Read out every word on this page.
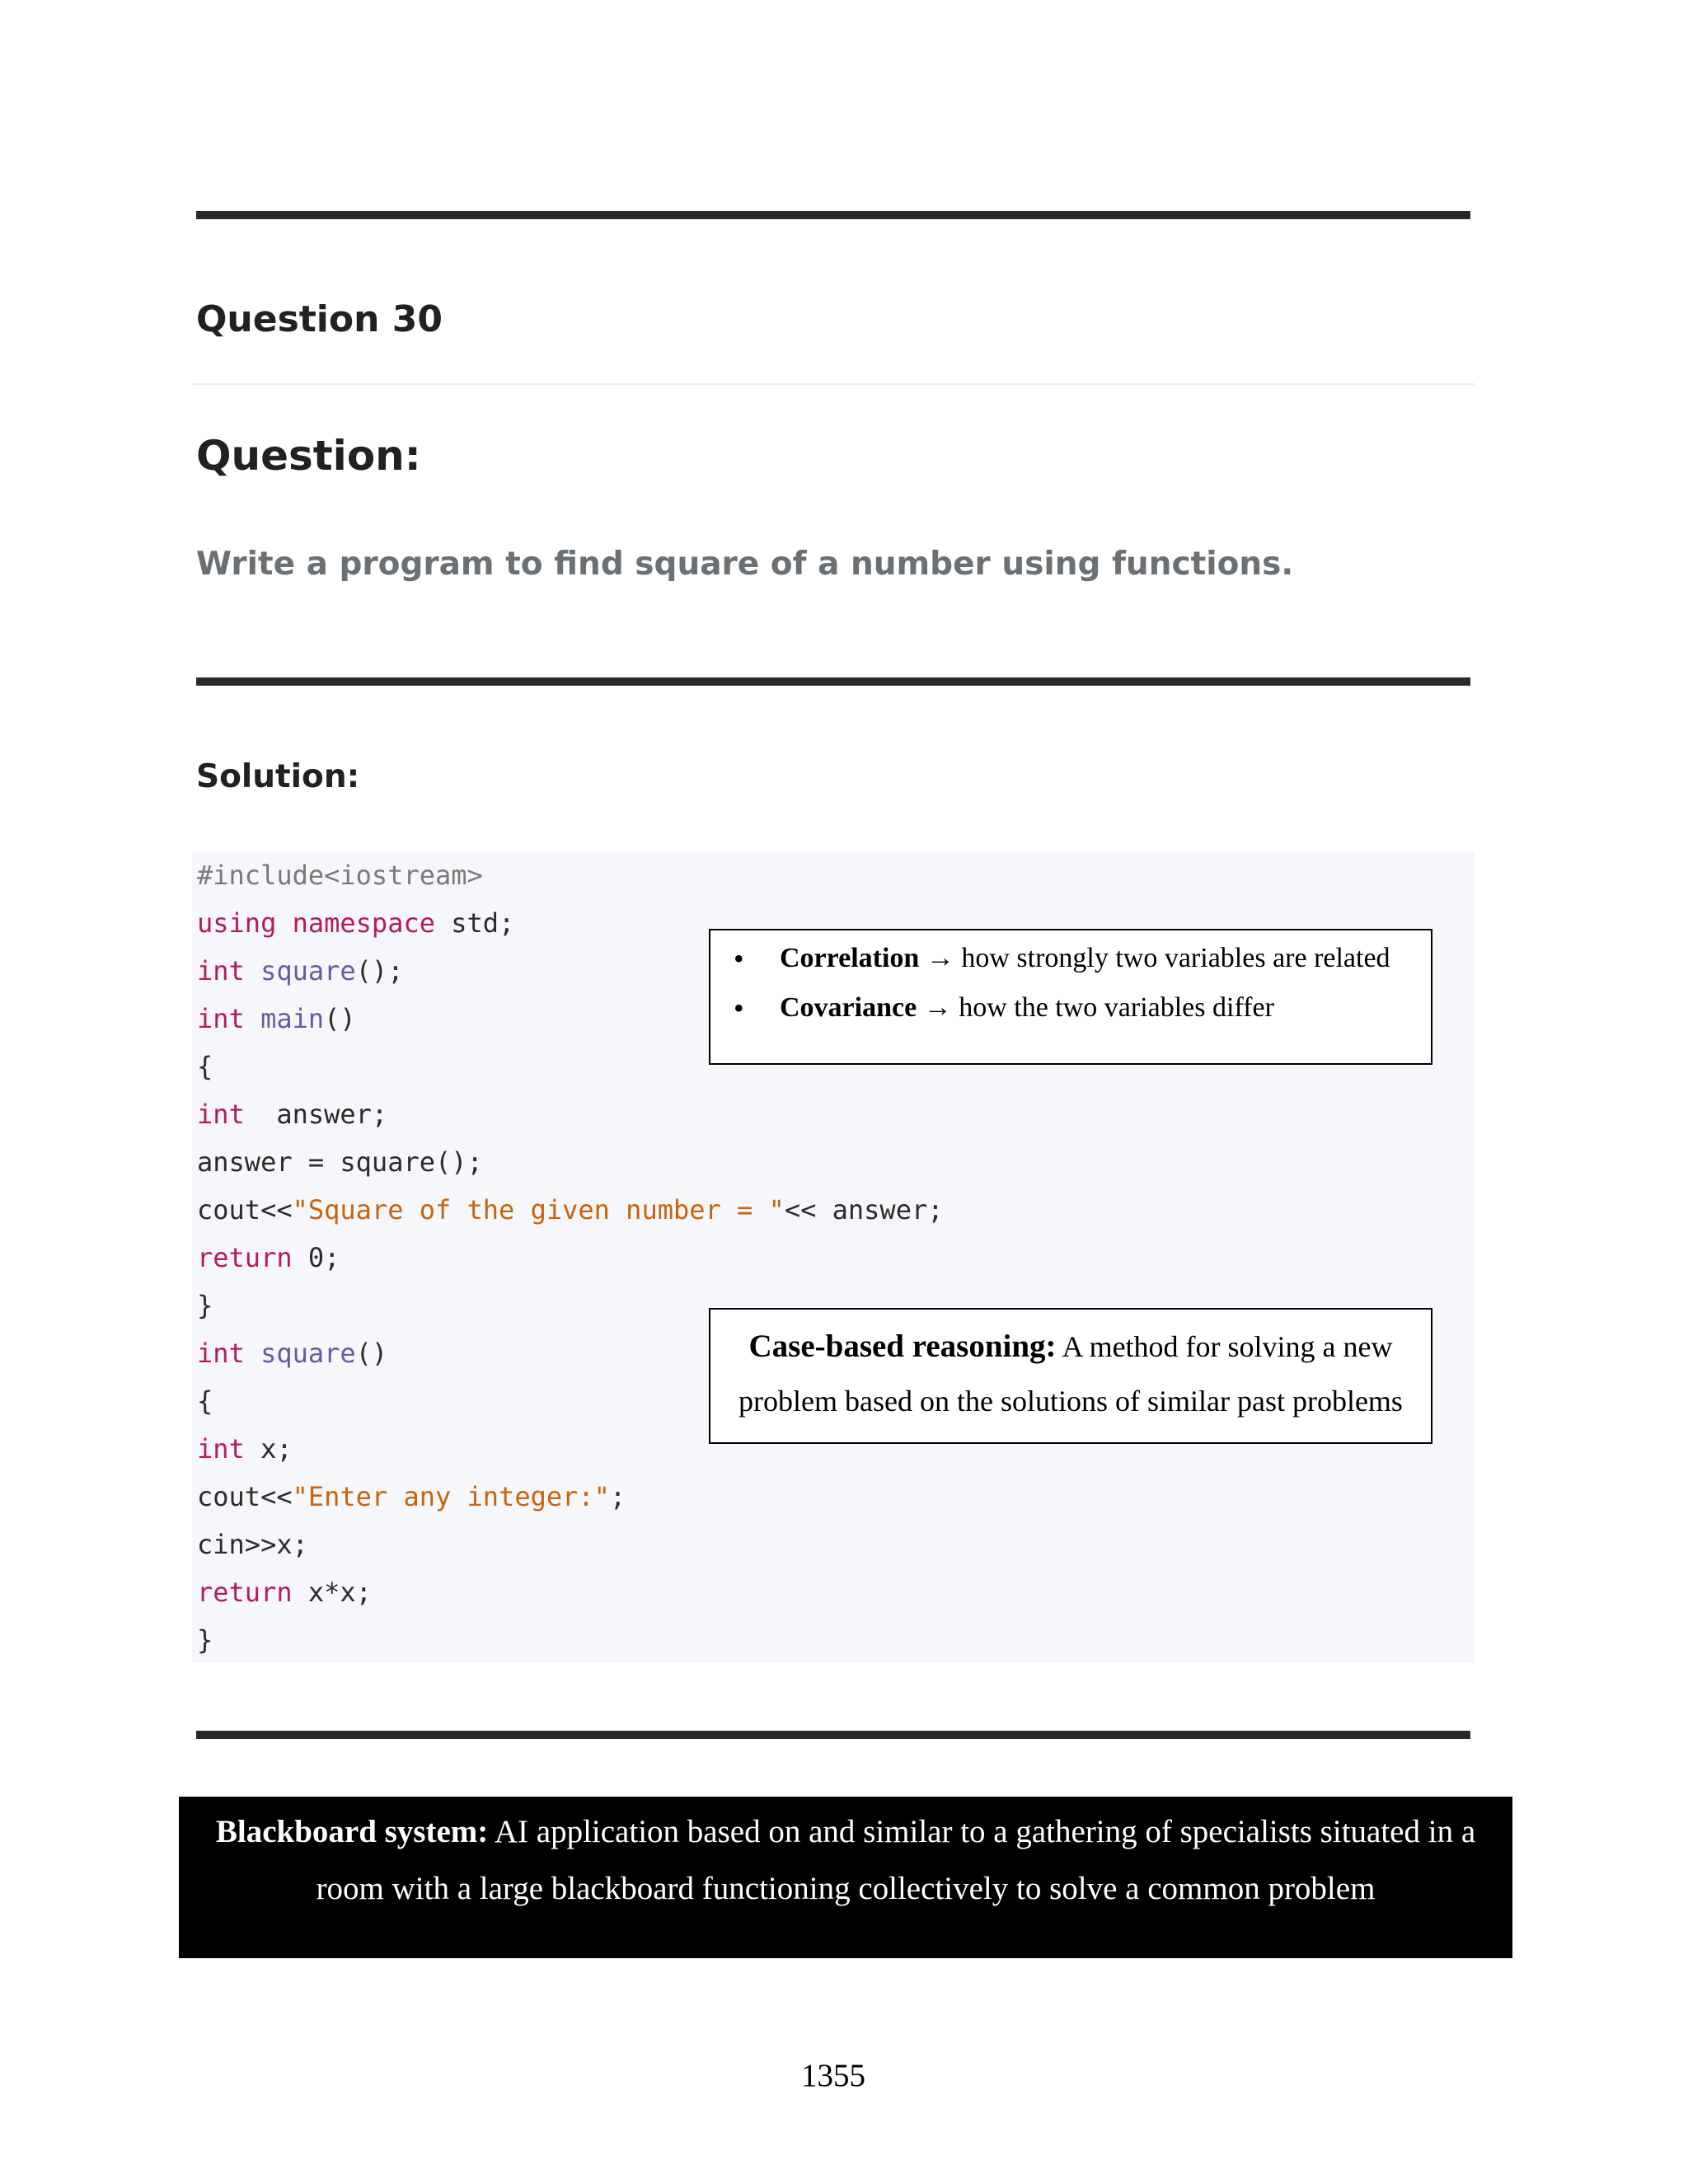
Question 30
Question:

Write a program to find square of a number using functions.

Solution:
#include<iostream>
using namespace std;
int square();
int main()
{
int  answer;
answer = square();
cout<<"Square of the given number = "<< answer;
return 0;
}
int square()
{
int x;
cout<<"Enter any integer:";
cin>>x;
return x*x;
}
• Correlation → how strongly two variables are related
• Covariance → how the two variables differ

Case-based reasoning: A method for solving a new problem based on the solutions of similar past problems

Blackboard system: AI application based on and similar to a gathering of specialists situated in a room with a large blackboard functioning collectively to solve a common problem

1355
